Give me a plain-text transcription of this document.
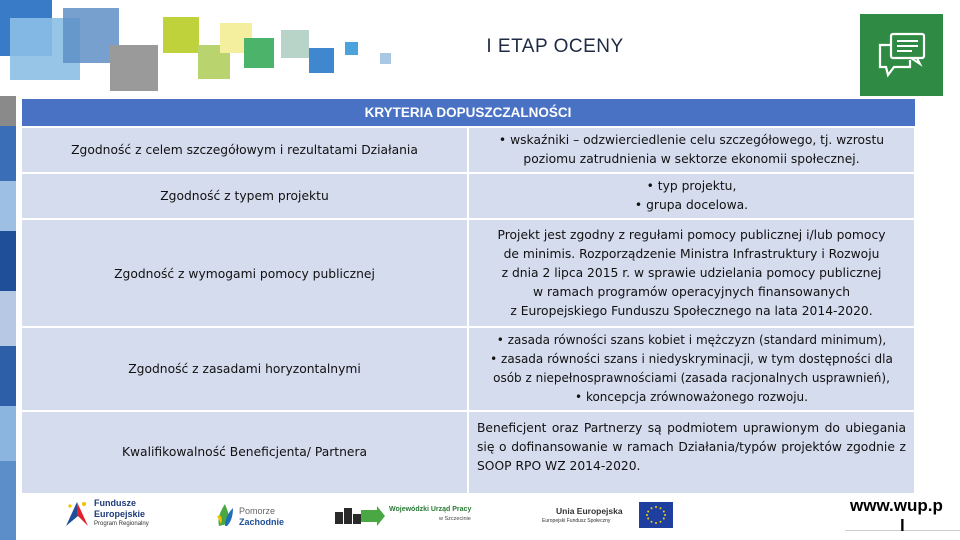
I ETAP OCENY
KRYTERIA DOPUSZCZALNOŚCI	
Zgodność z celem szczegółowym i rezultatami Działania	• wskaźniki – odzwierciedlenie celu szczegółowego, tj. wzrostu poziomu zatrudnienia w sektorze ekonomii społecznej.
Zgodność z typem projektu	• typ projektu,
• grupa docelowa.

Zgodność z wymogami pomocy publicznej	Projekt jest zgodny z regułami pomocy publicznej i/lub pomocy
de minimis. Rozporządzenie Ministra Infrastruktury i Rozwoju
z dnia 2 lipca 2015 r. w sprawie udzielania pomocy publicznej
w ramach programów operacyjnych finansowanych
z Europejskiego Funduszu Społecznego na lata 2014-2020.

Zgodność z zasadami horyzontalnymi	• zasada równości szans kobiet i mężczyzn (standard minimum),
• zasada równości szans i niedyskryminacji, w tym dostępności dla
osób z niepełnosprawnościami (zasada racjonalnych usprawnień),
• koncepcja zrównoważonego rozwoju.

Kwalifikowalność Beneficjenta/ Partnera	Beneficjent oraz Partnerzy są podmiotem uprawionym do ubiegania się o dofinansowanie w ramach Działania/typów projektów zgodnie z SOOP RPO WZ 2014-2020.
Fundusze
Europejskie
Program Regionalny
Pomorze
Zachodnie
Wojewódzki Urząd Pracy
w Szczecinie
Unia Europejska
Europejski Fundusz Społeczny
www.wup.p
l
